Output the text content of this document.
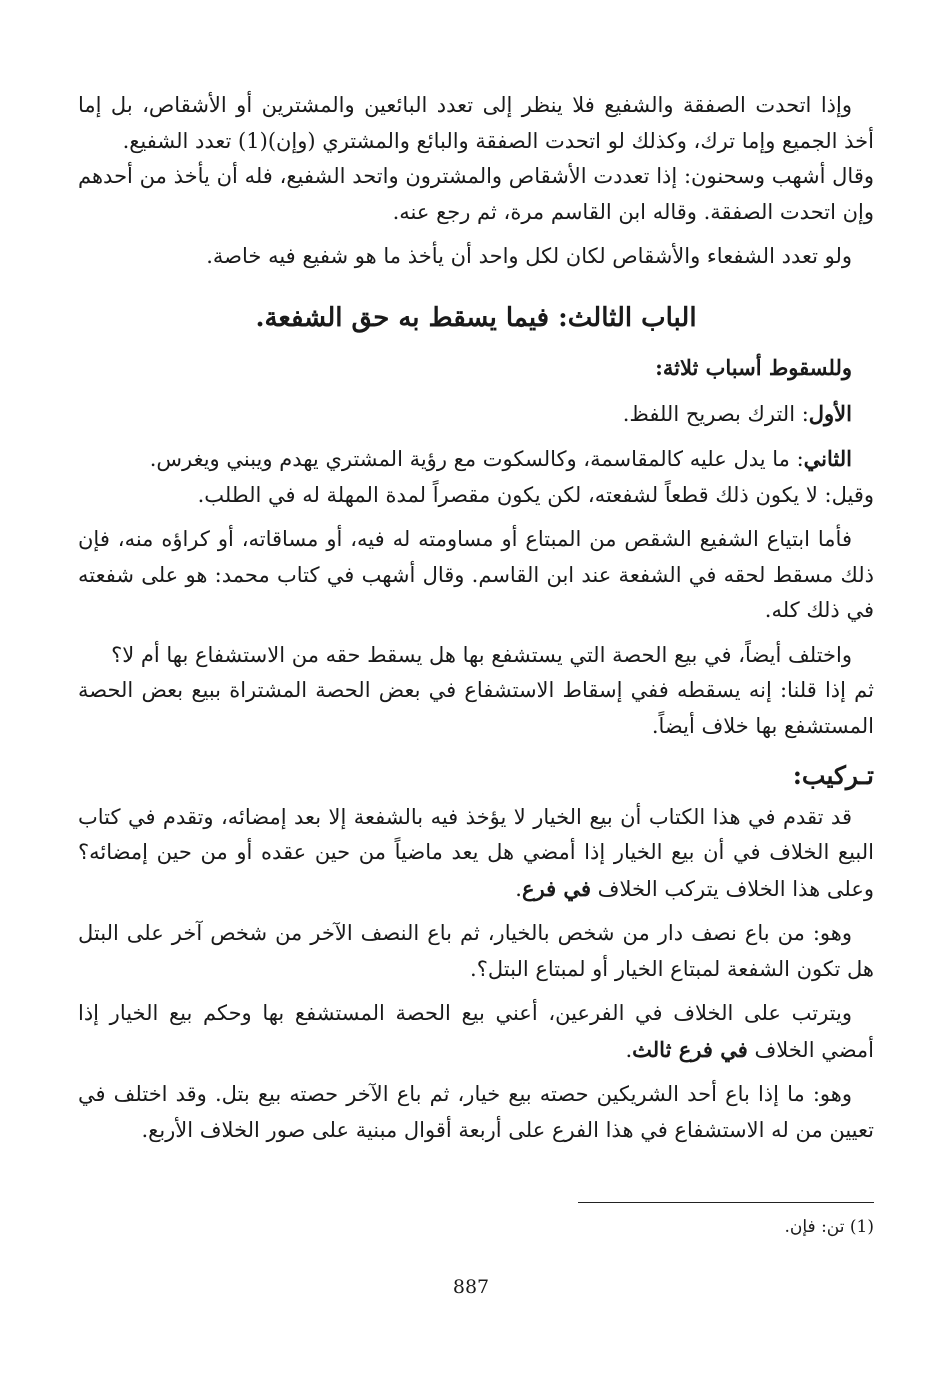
وإذا اتحدت الصفقة والشفيع فلا ينظر إلى تعدد البائعين والمشترين أو الأشقاص، بل إما أخذ الجميع وإما ترك، وكذلك لو اتحدت الصفقة والبائع والمشتري (وإن)(1) تعدد الشفيع.

وقال أشهب وسحنون: إذا تعددت الأشقاص والمشترون واتحد الشفيع، فله أن يأخذ من أحدهم وإن اتحدت الصفقة. وقاله ابن القاسم مرة، ثم رجع عنه.

ولو تعدد الشفعاء والأشقاص لكان لكل واحد أن يأخذ ما هو شفيع فيه خاصة.

الباب الثالث: فيما يسقط به حق الشفعة.

وللسقوط أسباب ثلاثة:

الأول: الترك بصريح اللفظ.

الثاني: ما يدل عليه كالمقاسمة، وكالسكوت مع رؤية المشتري يهدم ويبني ويغرس.

وقيل: لا يكون ذلك قطعاً لشفعته، لكن يكون مقصراً لمدة المهلة له في الطلب.

فأما ابتياع الشفيع الشقص من المبتاع أو مساومته له فيه، أو مساقاته، أو كراؤه منه، فإن ذلك مسقط لحقه في الشفعة عند ابن القاسم. وقال أشهب في كتاب محمد: هو على شفعته في ذلك كله.

واختلف أيضاً، في بيع الحصة التي يستشفع بها هل يسقط حقه من الاستشفاع بها أم لا؟

ثم إذا قلنا: إنه يسقطه ففي إسقاط الاستشفاع في بعض الحصة المشتراة ببيع بعض الحصة المستشفع بها خلاف أيضاً.

تـركيب:

قد تقدم في هذا الكتاب أن بيع الخيار لا يؤخذ فيه بالشفعة إلا بعد إمضائه، وتقدم في كتاب البيع الخلاف في أن بيع الخيار إذا أمضي هل يعد ماضياً من حين عقده أو من حين إمضائه؟ وعلى هذا الخلاف يتركب الخلاف في فرع.

وهو: من باع نصف دار من شخص بالخيار، ثم باع النصف الآخر من شخص آخر على البتل هل تكون الشفعة لمبتاع الخيار أو لمبتاع البتل؟.

ويترتب على الخلاف في الفرعين، أعني بيع الحصة المستشفع بها وحكم بيع الخيار إذا أمضي الخلاف في فرع ثالث.

وهو: ما إذا باع أحد الشريكين حصته بيع خيار، ثم باع الآخر حصته بيع بتل. وقد اختلف في تعيين من له الاستشفاع في هذا الفرع على أربعة أقوال مبنية على صور الخلاف الأربع.

(1) تن: فإن.
887
